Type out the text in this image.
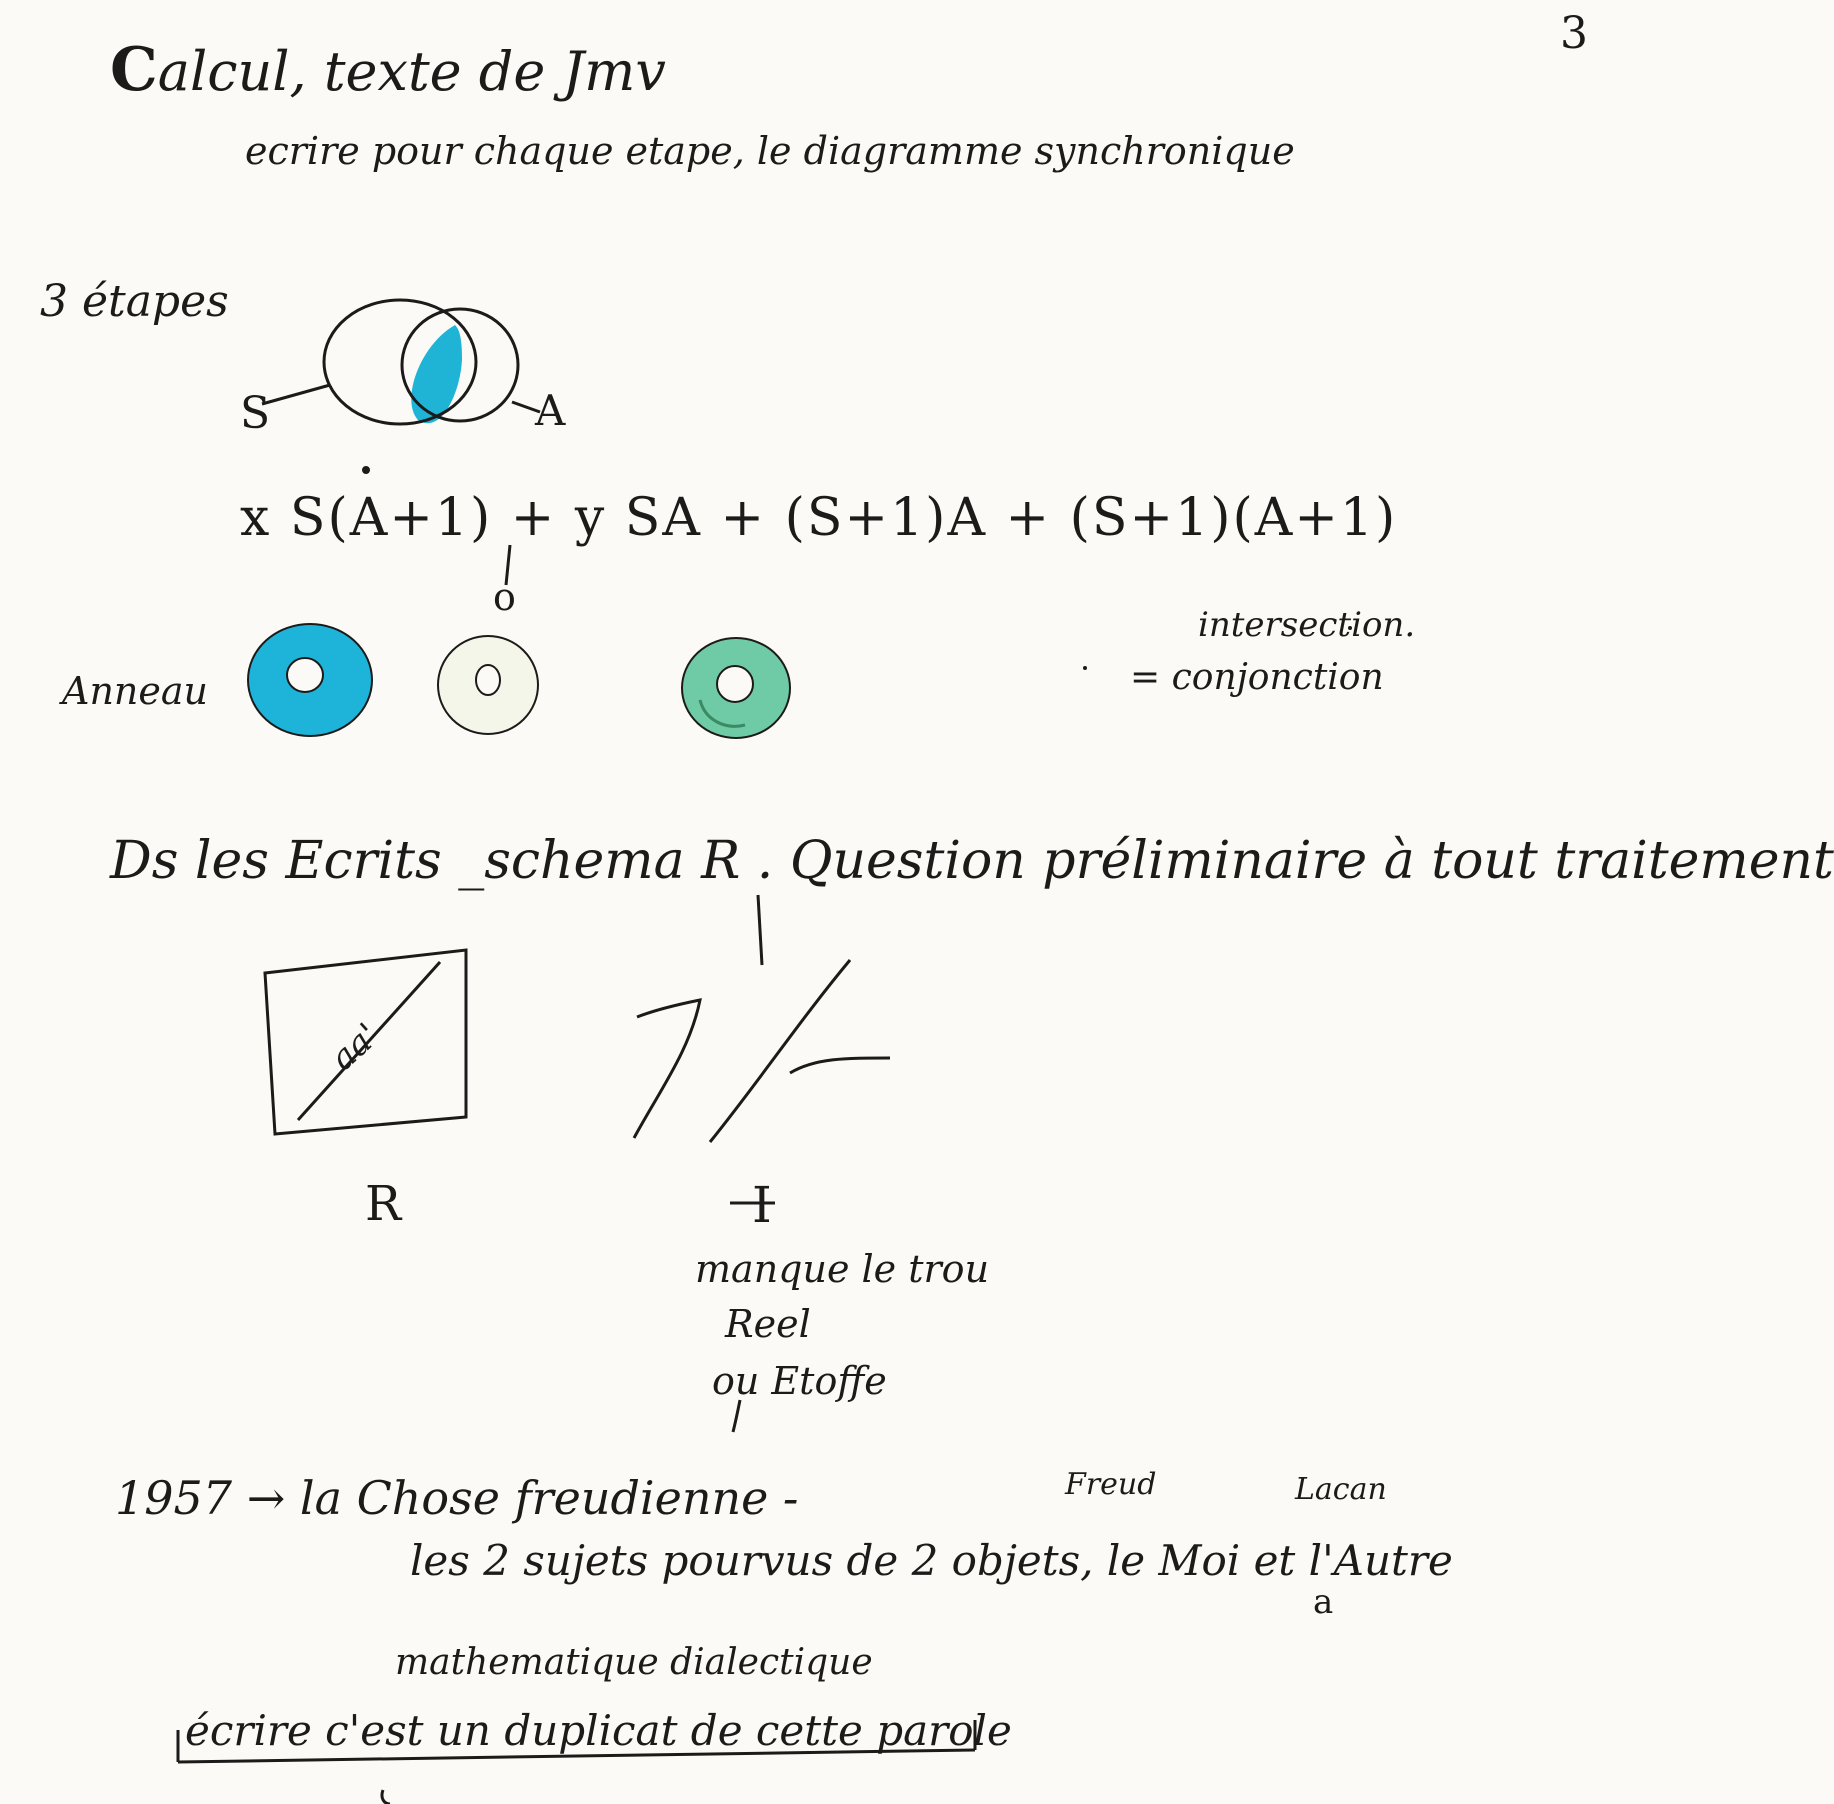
3
Calcul, texte de Jmv
ecrire pour chaque etape, le diagramme synchronique
3 étapes
S	A
x S(A+1) + y SA + (S+1)A + (S+1)(A+1)
o
Anneau
intersection.
= conjonction
Ds les Ecrits _schema R . Question préliminaire à tout traitement
aa'
R	I
manque le trou
Reel
ou Etoffe
Freud	Lacan
1957 → la Chose freudienne -
les 2 sujets pourvus de 2 objets, le Moi et l'Autre
a
mathematique dialectique
écrire c'est un duplicat de cette parole
